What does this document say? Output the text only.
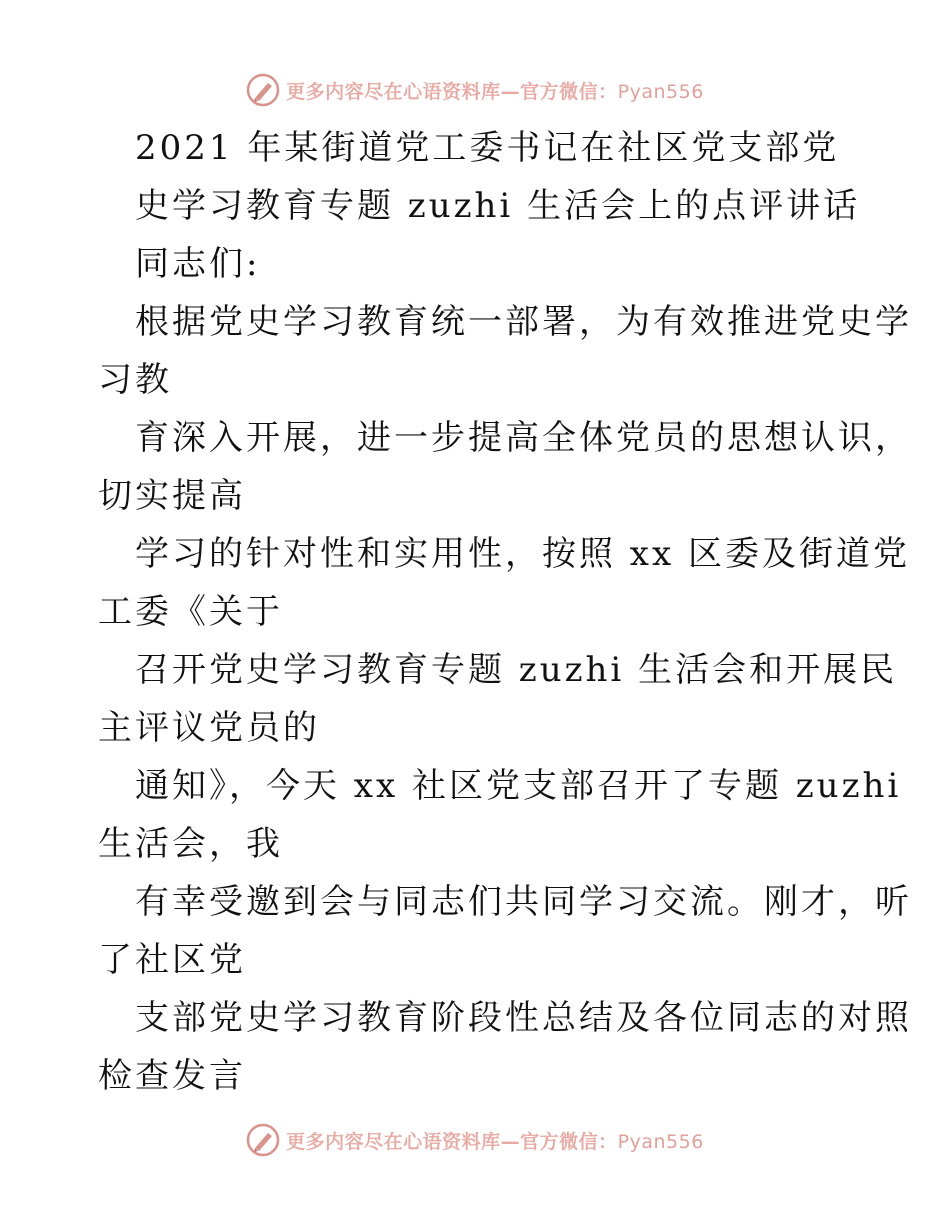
更多内容尽在心语资料库—官方微信：Pyan556
2021 年某街道党工委书记在社区党支部党
史学习教育专题 zuzhi 生活会上的点评讲话
同志们:
根据党史学习教育统一部署，为有效推进党史学
习教
育深入开展，进一步提高全体党员的思想认识，
切实提高
学习的针对性和实用性，按照 xx 区委及街道党
工委《关于
召开党史学习教育专题 zuzhi 生活会和开展民
主评议党员的
通知》，今天 xx 社区党支部召开了专题 zuzhi
生活会，我
有幸受邀到会与同志们共同学习交流。刚才，听
了社区党
支部党史学习教育阶段性总结及各位同志的对照
检查发言
更多内容尽在心语资料库—官方微信：Pyan556
